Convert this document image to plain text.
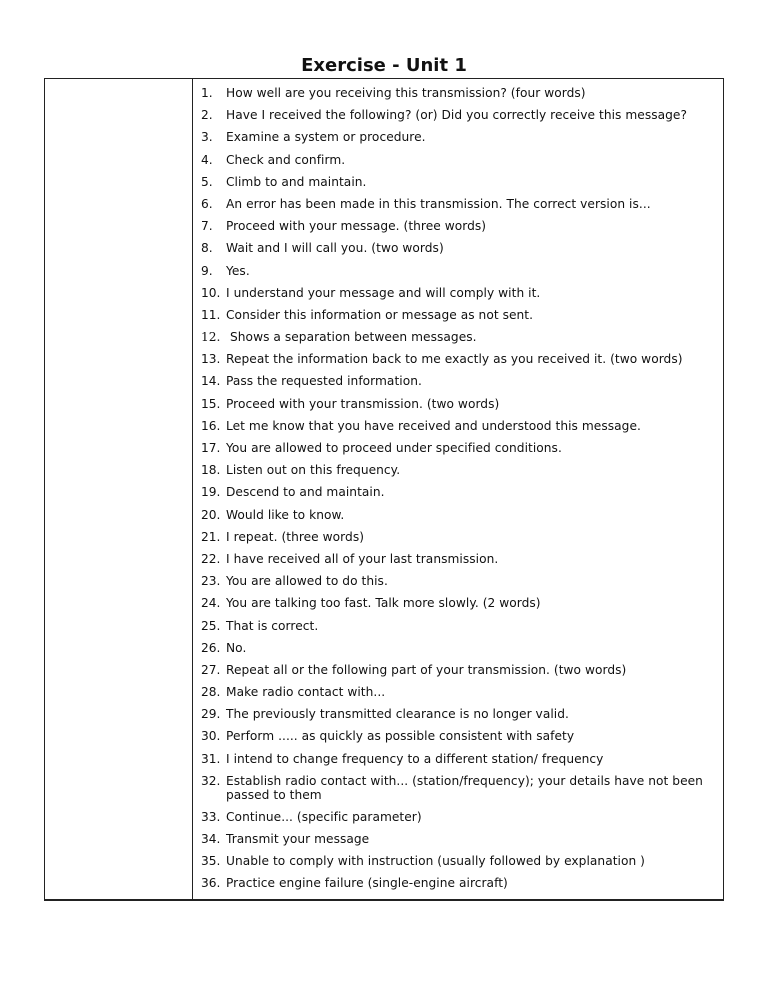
Exercise - Unit 1
1.	How well are you receiving this transmission? (four words)
2.	Have I received the following? (or) Did you correctly receive this message?
3.	Examine a system or procedure.
4.	Check and confirm.
5.	Climb to and maintain.
6.	An error has been made in this transmission. The correct version is...
7.	Proceed with your message. (three words)
8.	Wait and I will call you. (two words)
9.	Yes.
10. I understand your message and will comply with it.
11. Consider this information or message as not sent.
12. Shows a separation between messages.
13. Repeat the information back to me exactly as you received it. (two words)
14. Pass the requested information.
15. Proceed with your transmission. (two words)
16. Let me know that you have received and understood this message.
17. You are allowed to proceed under specified conditions.
18. Listen out on this frequency.
19. Descend to and maintain.
20. Would like to know.
21. I repeat. (three words)
22. I have received all of your last transmission.
23. You are allowed to do this.
24. You are talking too fast. Talk more slowly. (2 words)
25. That is correct.
26. No.
27. Repeat all or the following part of your transmission. (two words)
28. Make radio contact with...
29. The previously transmitted clearance is no longer valid.
30. Perform ..... as quickly as possible consistent with safety
31. I intend to change frequency to a different station/ frequency
32. Establish radio contact with... (station/frequency); your details have not been passed to them
33. Continue... (specific parameter)
34. Transmit your message
35. Unable to comply with instruction (usually followed by explanation )
36. Practice engine failure (single-engine aircraft)
